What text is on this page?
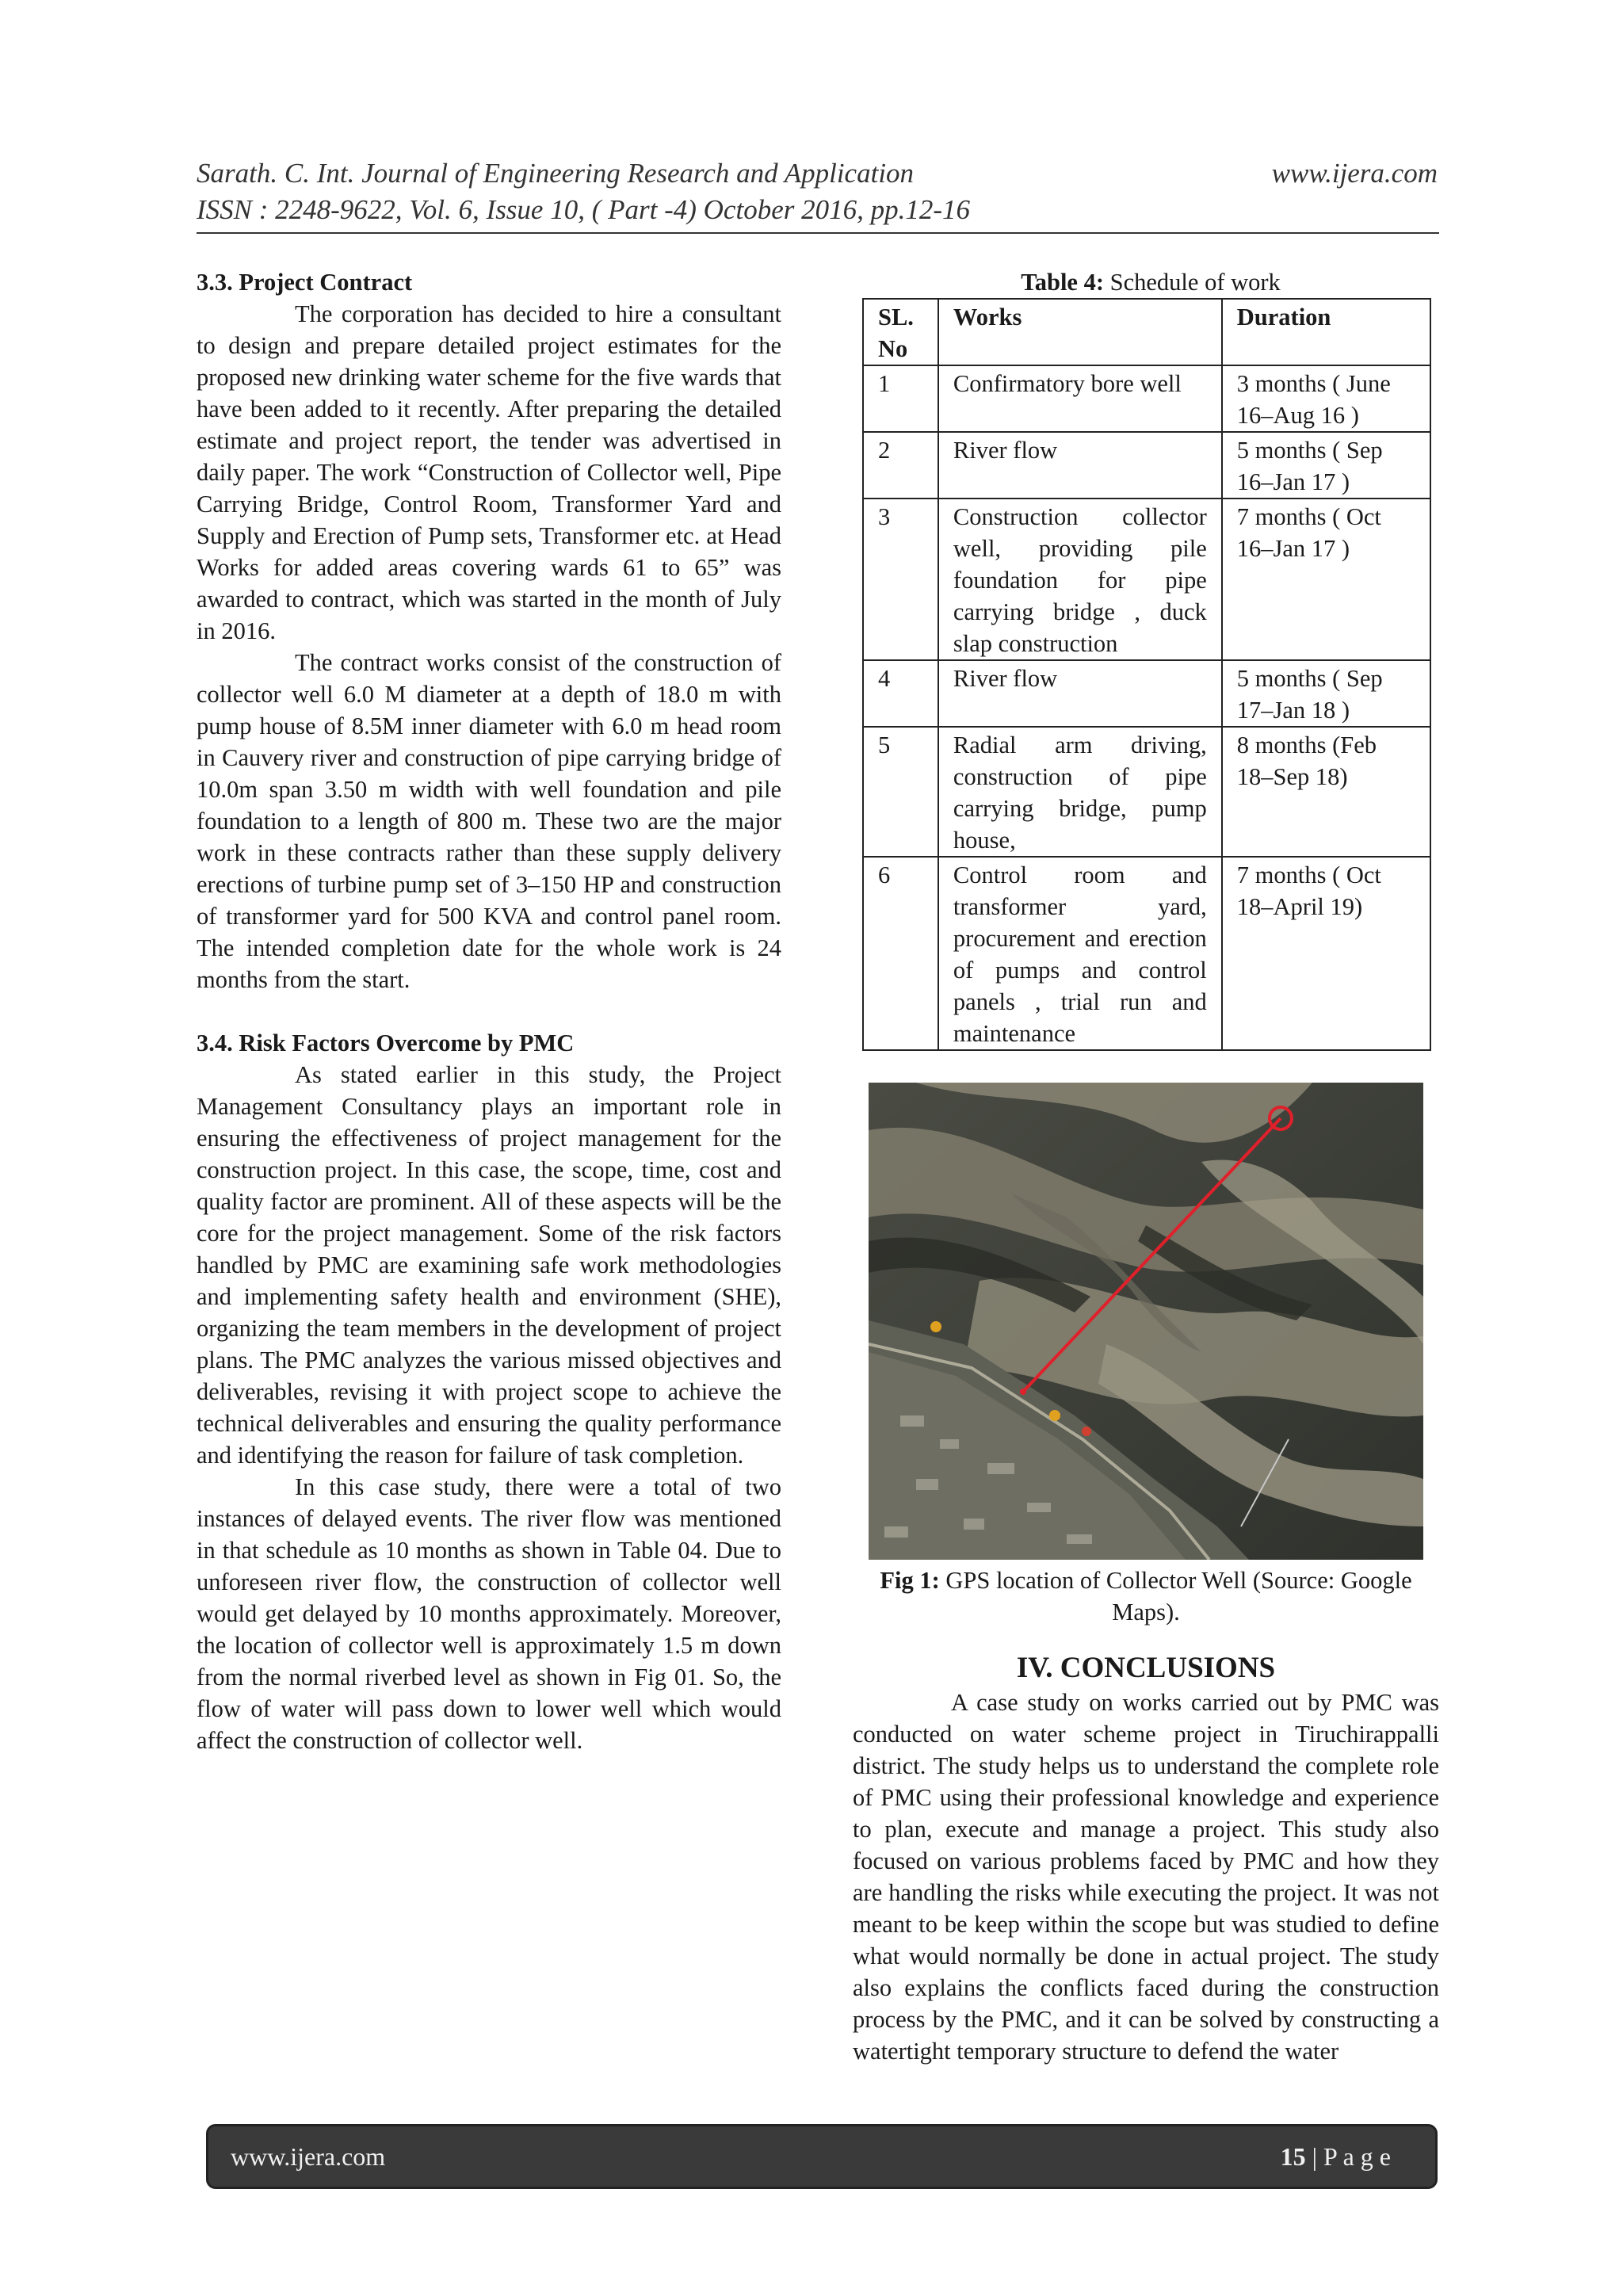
Sarath. C. Int. Journal of Engineering Research and Application	www.ijera.com
ISSN : 2248-9622, Vol. 6, Issue 10, ( Part -4) October 2016, pp.12-16
3.3. Project Contract

The corporation has decided to hire a consultant to design and prepare detailed project estimates for the proposed new drinking water scheme for the five wards that have been added to it recently. After preparing the detailed estimate and project report, the tender was advertised in daily paper. The work “Construction of Collector well, Pipe Carrying Bridge, Control Room, Transformer Yard and Supply and Erection of Pump sets, Transformer etc. at Head Works for added areas covering wards 61 to 65” was awarded to contract, which was started in the month of July in 2016.

The contract works consist of the construction of collector well 6.0 M diameter at a depth of 18.0 m with pump house of 8.5M inner diameter with 6.0 m head room in Cauvery river and construction of pipe carrying bridge of 10.0m span 3.50 m width with well foundation and pile foundation to a length of 800 m. These two are the major work in these contracts rather than these supply delivery erections of turbine pump set of 3–150 HP and construction of transformer yard for 500 KVA and control panel room. The intended completion date for the whole work is 24 months from the start.

3.4. Risk Factors Overcome by PMC

As stated earlier in this study, the Project Management Consultancy plays an important role in ensuring the effectiveness of project management for the construction project. In this case, the scope, time, cost and quality factor are prominent. All of these aspects will be the core for the project management. Some of the risk factors handled by PMC are examining safe work methodologies and implementing safety health and environment (SHE), organizing the team members in the development of project plans. The PMC analyzes the various missed objectives and deliverables, revising it with project scope to achieve the technical deliverables and ensuring the quality performance and identifying the reason for failure of task completion.

In this case study, there were a total of two instances of delayed events. The river flow was mentioned in that schedule as 10 months as shown in Table 04. Due to unforeseen river flow, the construction of collector well would get delayed by 10 months approximately. Moreover, the location of collector well is approximately 1.5 m down from the normal riverbed level as shown in Fig 01. So, the flow of water will pass down to lower well which would affect the construction of collector well.

Table 4: Schedule of work
SL. No	Works	Duration
1	Confirmatory bore well	3 months ( June 16–Aug 16 )
2	River flow	5 months ( Sep 16–Jan 17 )
3	Construction collector well, providing pile foundation for pipe carrying bridge , duck slap construction	7 months ( Oct 16–Jan 17 )
4	River flow	5 months ( Sep 17–Jan 18 )
5	Radial arm driving, construction of pipe carrying bridge, pump house,	8 months (Feb 18–Sep 18)
6	Control room and transformer yard, procurement and erection of pumps and control panels , trial run and maintenance	7 months ( Oct 18–April 19)
Fig 1: GPS location of Collector Well (Source: Google Maps).
IV. CONCLUSIONS

A case study on works carried out by PMC was conducted on water scheme project in Tiruchirappalli district. The study helps us to understand the complete role of PMC using their professional knowledge and experience to plan, execute and manage a project. This study also focused on various problems faced by PMC and how they are handling the risks while executing the project. It was not meant to be keep within the scope but was studied to define what would normally be done in actual project. The study also explains the conflicts faced during the construction process by the PMC, and it can be solved by constructing a watertight temporary structure to defend the water

www.ijera.com	15 | P a g e
